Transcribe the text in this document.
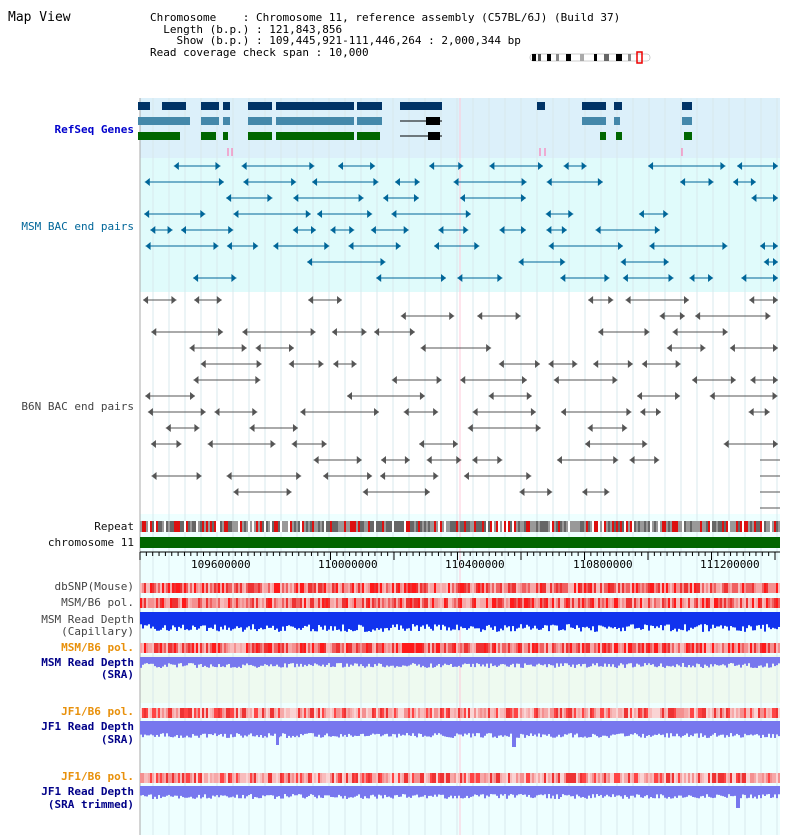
Map View	Chromosome    : Chromosome 11, reference assembly (C57BL/6J) (Build 37)
Length (b.p.) : 121,843,856
Show (b.p.) : 109,445,921-111,446,264 : 2,000,344 bp
Read coverage check span : 10,000
RefSeq Genes
MSM BAC end pairs
B6N BAC end pairs
Repeat
chromosome 11
dbSNP(Mouse)
MSM/B6 pol.
MSM Read Depth
(Capillary)
MSM/B6 pol.
MSM Read Depth
(SRA)
JF1/B6 pol.
JF1 Read Depth
(SRA)
JF1/B6 pol.
JF1 Read Depth
(SRA trimmed)
109600000	110000000	110400000	110800000	111200000
